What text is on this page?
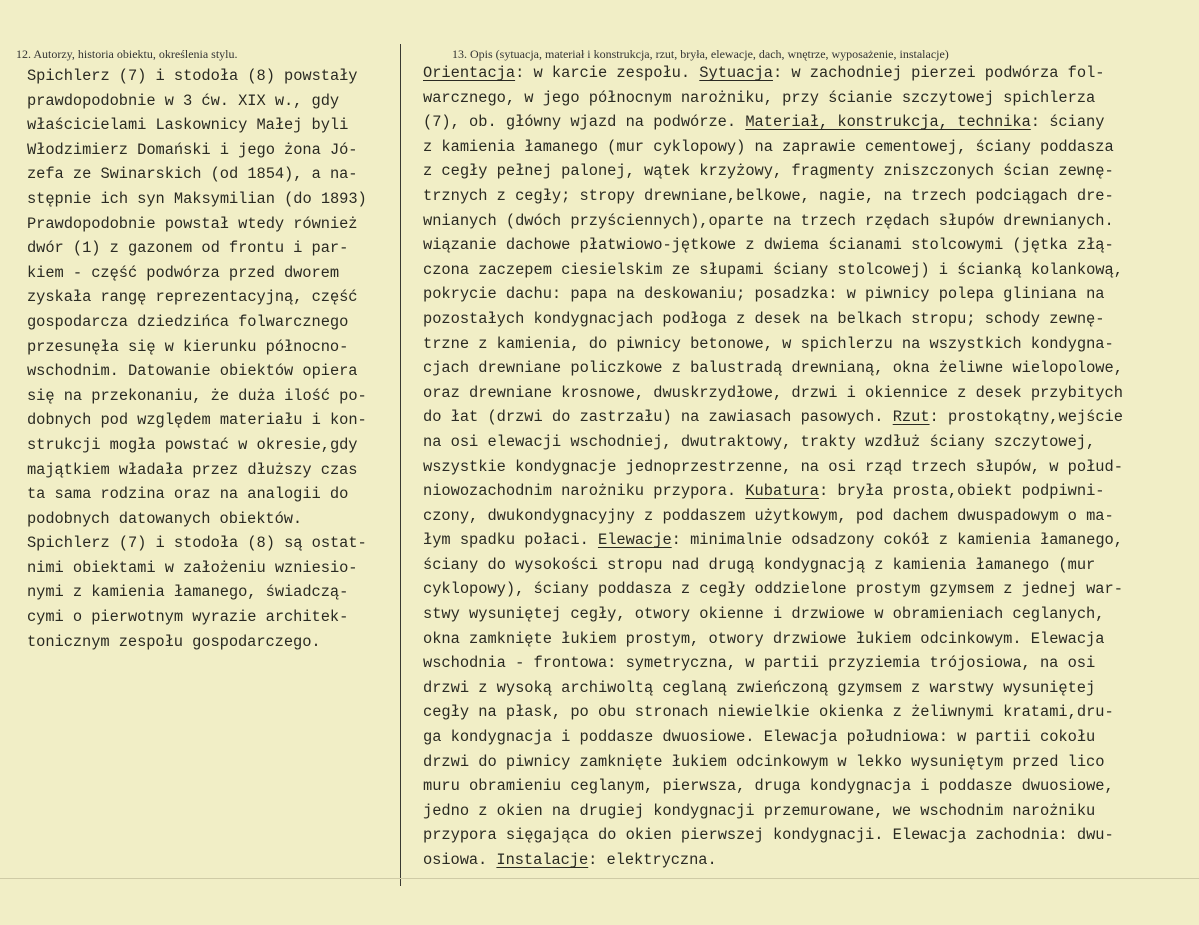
12. Autorzy, historia obiektu, określenia stylu.	13. Opis (sytuacja, materiał i konstrukcja, rzut, bryła, elewacje, dach, wnętrze, wyposażenie, instalacje)
Spichlerz (7) i stodoła (8) powstały
prawdopodobnie w 3 ćw. XIX w., gdy
właścicielami Laskownicy Małej byli
Włodzimierz Domański i jego żona Jó-
zefa ze Swinarskich (od 1854), a na-
stępnie ich syn Maksymilian (do 1893)
Prawdopodobnie powstał wtedy również
dwór (1) z gazonem od frontu i par-
kiem - część podwórza przed dworem
zyskała rangę reprezentacyjną, część
gospodarcza dziedzińca folwarcznego
przesunęła się w kierunku północno-
wschodnim. Datowanie obiektów opiera
się na przekonaniu, że duża ilość po-
dobnych pod względem materiału i kon-
strukcji mogła powstać w okresie,gdy
majątkiem władała przez dłuższy czas
ta sama rodzina oraz na analogii do
podobnych datowanych obiektów.
Spichlerz (7) i stodoła (8) są ostat-
nimi obiektami w założeniu wzniesio-
nymi z kamienia łamanego, świadczą-
cymi o pierwotnym wyrazie architek-
tonicznym zespołu gospodarczego.
Orientacja: w karcie zespołu. Sytuacja: w zachodniej pierzei podwórza fol-
warcznego, w jego północnym narożniku, przy ścianie szczytowej spichlerza
(7), ob. główny wjazd na podwórze. Materiał, konstrukcja, technika: ściany
z kamienia łamanego (mur cyklopowy) na zaprawie cementowej, ściany poddasza
z cegły pełnej palonej, wątek krzyżowy, fragmenty zniszczonych ścian zewnę-
trznych z cegły; stropy drewniane,belkowe, nagie, na trzech podciągach dre-
wnianych (dwóch przyściennych),oparte na trzech rzędach słupów drewnianych.
wiązanie dachowe płatwiowo-jętkowe z dwiema ścianami stolcowymi (jętka złą-
czona zaczepem ciesielskim ze słupami ściany stolcowej) i ścianką kolankową,
pokrycie dachu: papa na deskowaniu; posadzka: w piwnicy polepa gliniana na
pozostałych kondygnacjach podłoga z desek na belkach stropu; schody zewnę-
trzne z kamienia, do piwnicy betonowe, w spichlerzu na wszystkich kondygna-
cjach drewniane policzkowe z balustradą drewnianą, okna żeliwne wielopolowe,
oraz drewniane krosnowe, dwuskrzydłowe, drzwi i okiennice z desek przybitych
do łat (drzwi do zastrzału) na zawiasach pasowych. Rzut: prostokątny,wejście
na osi elewacji wschodniej, dwutraktowy, trakty wzdłuż ściany szczytowej,
wszystkie kondygnacje jednoprzestrzenne, na osi rząd trzech słupów, w połud-
niowozachodnim narożniku przypora. Kubatura: bryła prosta,obiekt podpiwni-
czony, dwukondygnacyjny z poddaszem użytkowym, pod dachem dwuspadowym o ma-
łym spadku połaci. Elewacje: minimalnie odsadzony cokół z kamienia łamanego,
ściany do wysokości stropu nad drugą kondygnacją z kamienia łamanego (mur
cyklopowy), ściany poddasza z cegły oddzielone prostym gzymsem z jednej war-
stwy wysuniętej cegły, otwory okienne i drzwiowe w obramieniach ceglanych,
okna zamknięte łukiem prostym, otwory drzwiowe łukiem odcinkowym. Elewacja
wschodnia - frontowa: symetryczna, w partii przyziemia trójosiowa, na osi
drzwi z wysoką archiwoltą ceglaną zwieńczoną gzymsem z warstwy wysuniętej
cegły na płask, po obu stronach niewielkie okienka z żeliwnymi kratami,dru-
ga kondygnacja i poddasze dwuosiowe. Elewacja południowa: w partii cokołu
drzwi do piwnicy zamknięte łukiem odcinkowym w lekko wysuniętym przed lico
muru obramieniu ceglanym, pierwsza, druga kondygnacja i poddasze dwuosiowe,
jedno z okien na drugiej kondygnacji przemurowane, we wschodnim narożniku
przypora sięgająca do okien pierwszej kondygnacji. Elewacja zachodnia: dwu-
osiowa. Instalacje: elektryczna.
